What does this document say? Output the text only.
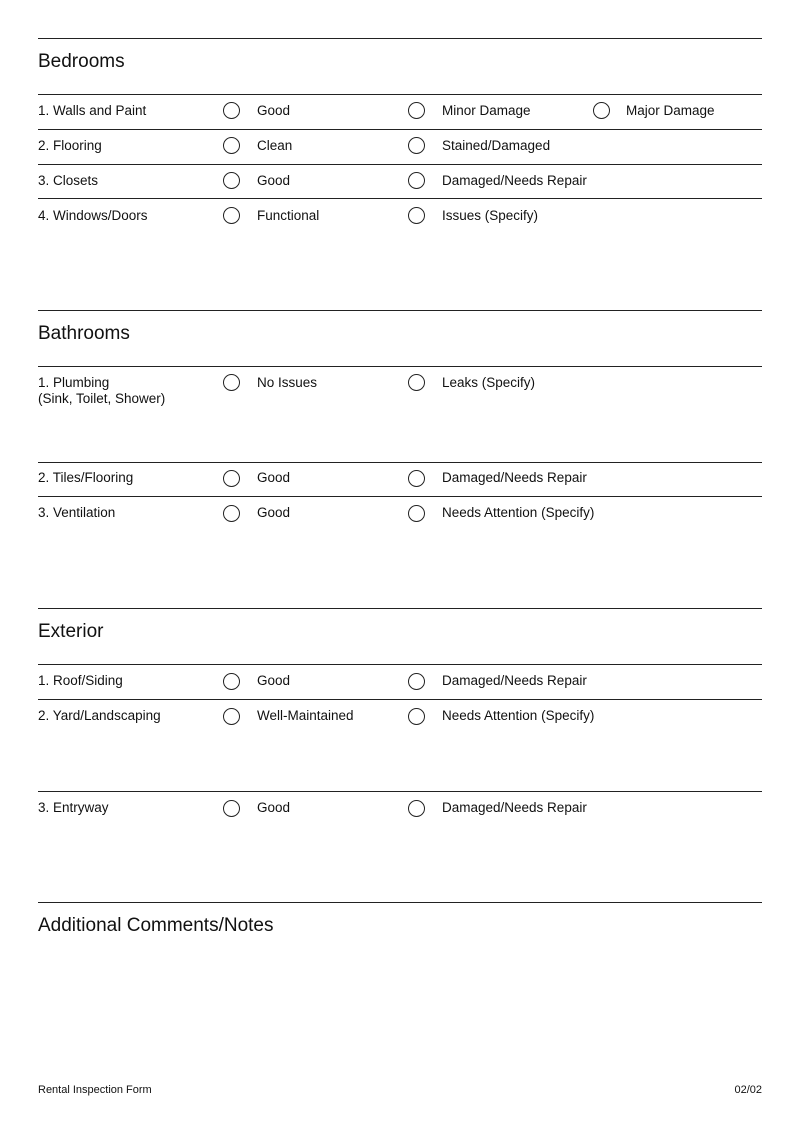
Bedrooms
1. Walls and Paint	Good	Minor Damage	Major Damage
2. Flooring	Clean	Stained/Damaged
3. Closets	Good	Damaged/Needs Repair
4. Windows/Doors	Functional	Issues (Specify)
Bathrooms
1. Plumbing
(Sink, Toilet, Shower)
No Issues	Leaks (Specify)
2. Tiles/Flooring	Good	Damaged/Needs Repair
3. Ventilation	Good	Needs Attention (Specify)
Exterior
1. Roof/Siding	Good	Damaged/Needs Repair
2. Yard/Landscaping	Well-Maintained	Needs Attention (Specify)
3. Entryway	Good	Damaged/Needs Repair
Additional Comments/Notes
Rental Inspection Form	02/02
